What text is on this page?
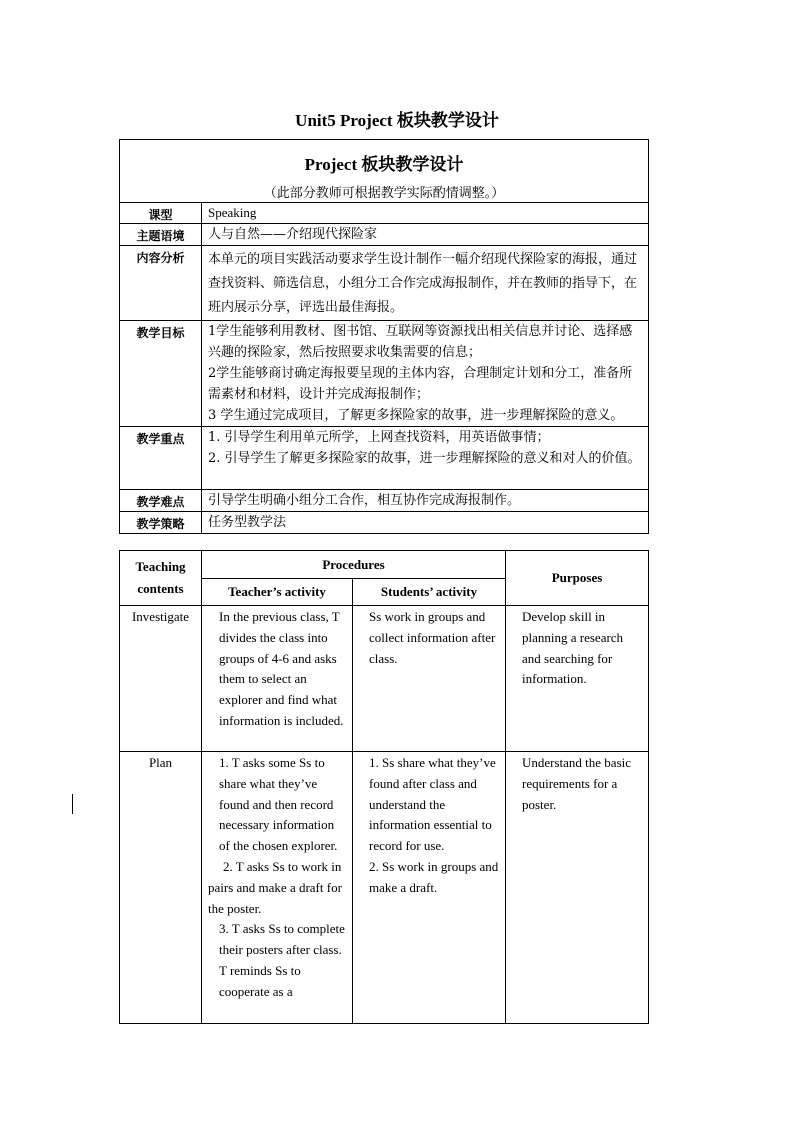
Unit5 Project 板块教学设计
Project 板块教学设计
（此部分教师可根据教学实际酌情调整。）	

课型	Speaking
主题语境	人与自然——介绍现代探险家
内容分析	本单元的项目实践活动要求学生设计制作一幅介绍现代探险家的海报，通过查找资料、筛选信息，小组分工合作完成海报制作，并在教师的指导下，在班内展示分享，评选出最佳海报。
教学目标	1学生能够利用教材、图书馆、互联网等资源找出相关信息并讨论、选择感兴趣的探险家，然后按照要求收集需要的信息；
2学生能够商讨确定海报要呈现的主体内容，合理制定计划和分工，准备所需素材和材料，设计并完成海报制作；
3 学生通过完成项目，了解更多探险家的故事，进一步理解探险的意义。

教学重点	1. 引导学生利用单元所学，上网查找资料，用英语做事情；
2. 引导学生了解更多探险家的故事，进一步理解探险的意义和对人的价值。

教学难点	引导学生明确小组分工合作，相互协作完成海报制作。
教学策略	任务型教学法
Teaching contents	Procedures		Purposes
	Teacher’s activity	Students’ activity	
Investigate	In the previous class, T divides the class into groups of 4-6 and asks them to select an explorer and find what information is included.	Ss work in groups and collect information after class.	Develop skill in planning a research and searching for information.
Plan	1. T asks some Ss to share what they’ve found and then record necessary information of the chosen explorer.
2. T asks Ss to work in pairs and make a draft for the poster.
3. T asks Ss to complete their posters after class. T reminds Ss to cooperate as a	1. Ss share what they’ve found after class and understand the information essential to record for use.
2. Ss work in groups and make a draft.	Understand the basic requirements for a poster.
